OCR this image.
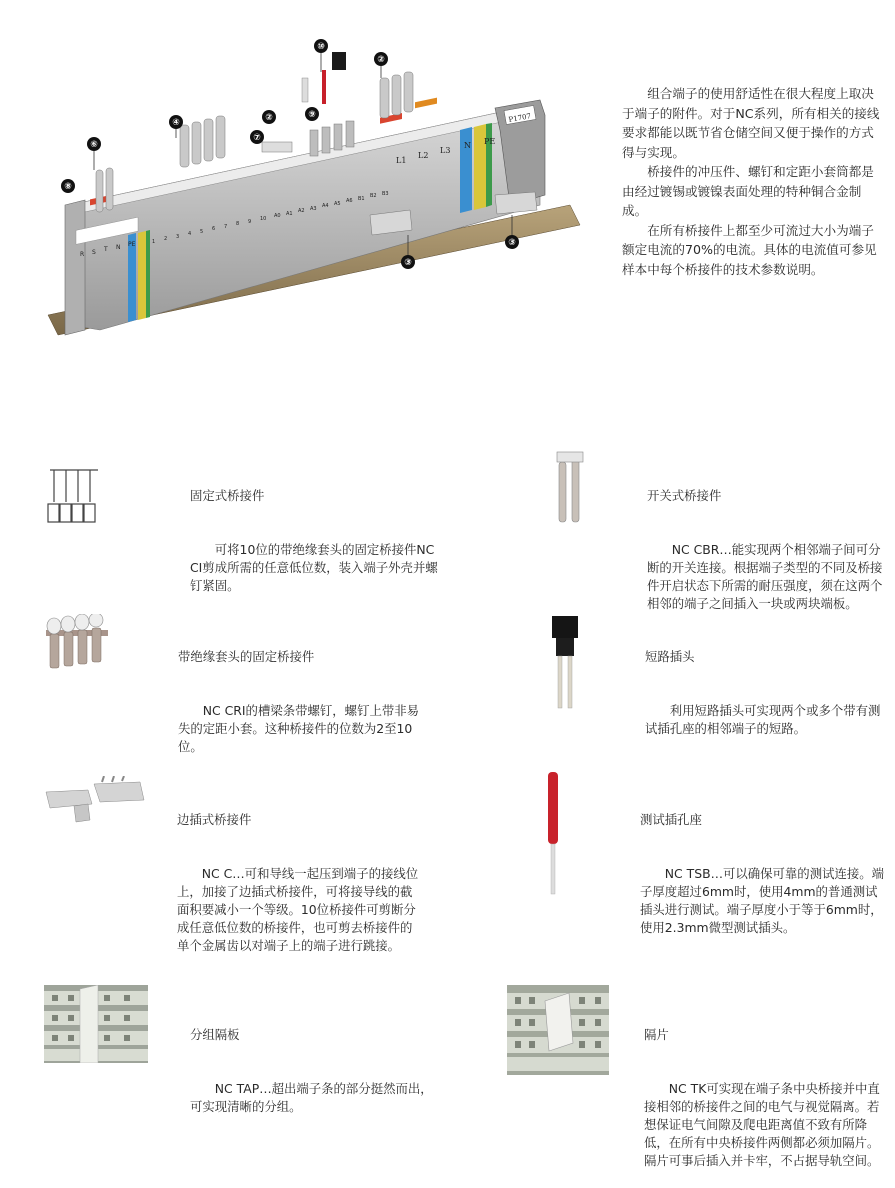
P1707
R S T N PE	1 2 3 4 5 6 7 8 9 10 A0 A1 A2 A3 A4 A5 A6 B1 B2 B3
L1
L2
L3
N PE
⑩
②
⑨
④	②
⑦
⑥
⑧
③
③

组合端子的使用舒适性在很大程度上取决于端子的附件。对于NC系列，所有相关的接线要求都能以既节省仓储空间又便于操作的方式得与实现。

桥接件的冲压件、螺钉和定距小套筒都是由经过镀锡或镀镍表面处理的特种铜合金制成。

在所有桥接件上都至少可流过大小为端子额定电流的70%的电流。具体的电流值可参见样本中每个桥接件的技术参数说明。

固定式桥接件

　　可将10位的带绝缘套头的固定桥接件NC CI剪成所需的任意低位数，装入端子外壳并螺钉紧固。

开关式桥接件

　　NC CBR…能实现两个相邻端子间可分断的开关连接。根据端子类型的不同及桥接件开启状态下所需的耐压强度，须在这两个相邻的端子之间插入一块或两块端板。

带绝缘套头的固定桥接件

　　NC CRI的槽梁条带螺钉，螺钉上带非易失的定距小套。这种桥接件的位数为2至10位。

短路插头

　　利用短路插头可实现两个或多个带有测试插孔座的相邻端子的短路。

边插式桥接件

　　NC C…可和导线一起压到端子的接线位上，加接了边插式桥接件，可将接导线的截面积要减小一个等级。10位桥接件可剪断分成任意低位数的桥接件，也可剪去桥接件的单个金属齿以对端子上的端子进行跳接。

测试插孔座

　　NC TSB…可以确保可靠的测试连接。端子厚度超过6mm时，使用4mm的普通测试插头进行测试。端子厚度小于等于6mm时，使用2.3mm微型测试插头。

分组隔板

　　NC TAP…超出端子条的部分挺然而出，可实现清晰的分组。

隔片

　　NC TK可实现在端子条中央桥接并中直接相邻的桥接件之间的电气与视觉隔离。若想保证电气间隙及爬电距离值不致有所降低，在所有中央桥接件两侧都必须加隔片。隔片可事后插入并卡牢，不占据导轨空间。
